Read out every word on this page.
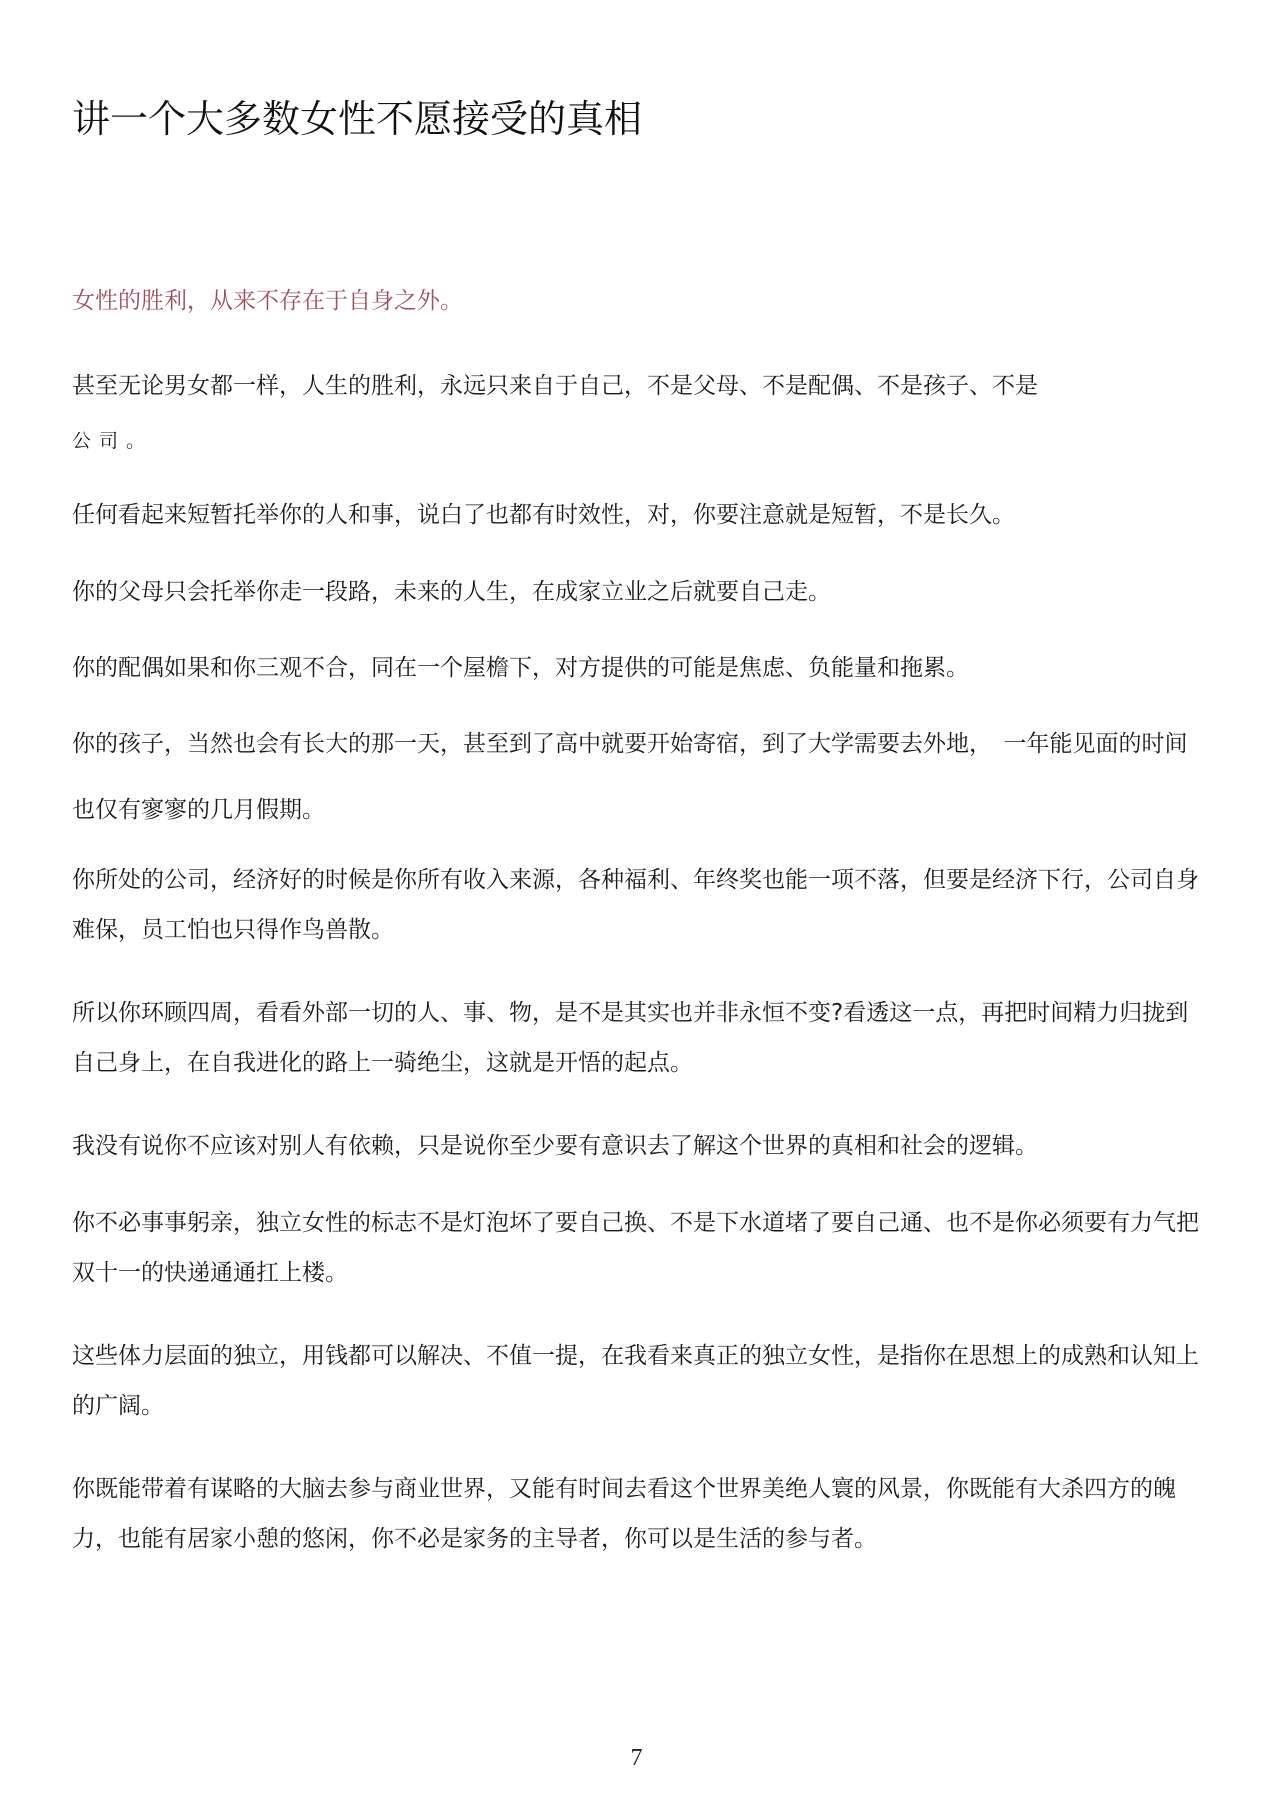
讲一个大多数女性不愿接受的真相
女性的胜利，从来不存在于自身之外。

甚至无论男女都一样，人生的胜利，永远只来自于自己，不是父母、不是配偶、不是孩子、不是
公司。

任何看起来短暂托举你的人和事，说白了也都有时效性，对，你要注意就是短暂，不是长久。

你的父母只会托举你走一段路，未来的人生，在成家立业之后就要自己走。

你的配偶如果和你三观不合，同在一个屋檐下，对方提供的可能是焦虑、负能量和拖累。

你的孩子，当然也会有长大的那一天，甚至到了高中就要开始寄宿，到了大学需要去外地，　一年能见面的时间也仅有寥寥的几月假期。

你所处的公司，经济好的时候是你所有收入来源，各种福利、年终奖也能一项不落，但要是经济下行，公司自身难保，员工怕也只得作鸟兽散。

所以你环顾四周，看看外部一切的人、事、物，是不是其实也并非永恒不变?看透这一点，再把时间精力归拢到自己身上，在自我进化的路上一骑绝尘，这就是开悟的起点。

我没有说你不应该对别人有依赖，只是说你至少要有意识去了解这个世界的真相和社会的逻辑。

你不必事事躬亲，独立女性的标志不是灯泡坏了要自己换、不是下水道堵了要自己通、也不是你必须要有力气把双十一的快递通通扛上楼。

这些体力层面的独立，用钱都可以解决、不值一提，在我看来真正的独立女性，是指你在思想上的成熟和认知上的广阔。

你既能带着有谋略的大脑去参与商业世界，又能有时间去看这个世界美绝人寰的风景，你既能有大杀四方的魄力，也能有居家小憩的悠闲，你不必是家务的主导者，你可以是生活的参与者。

7
